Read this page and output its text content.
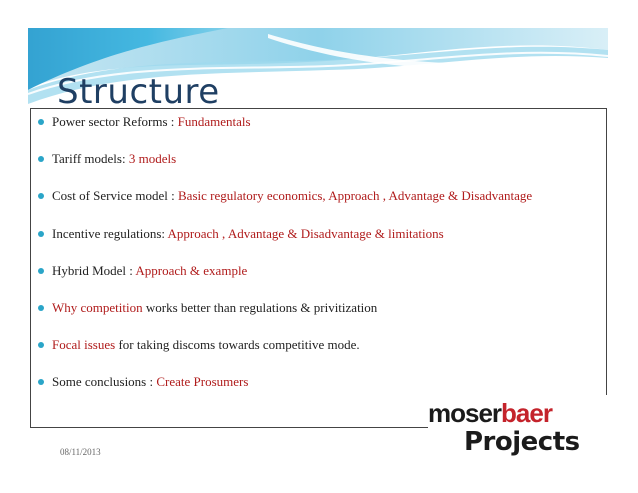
Structure
Power sector Reforms : Fundamentals
Tariff models: 3 models
Cost of Service model : Basic regulatory economics, Approach , Advantage & Disadvantage
Incentive regulations: Approach , Advantage & Disadvantage & limitations
Hybrid Model : Approach & example
Why competition works better than regulations & privitization
Focal issues for taking discoms towards competitive mode.
Some conclusions : Create Prosumers
08/11/2013
moserbaer
Projects
